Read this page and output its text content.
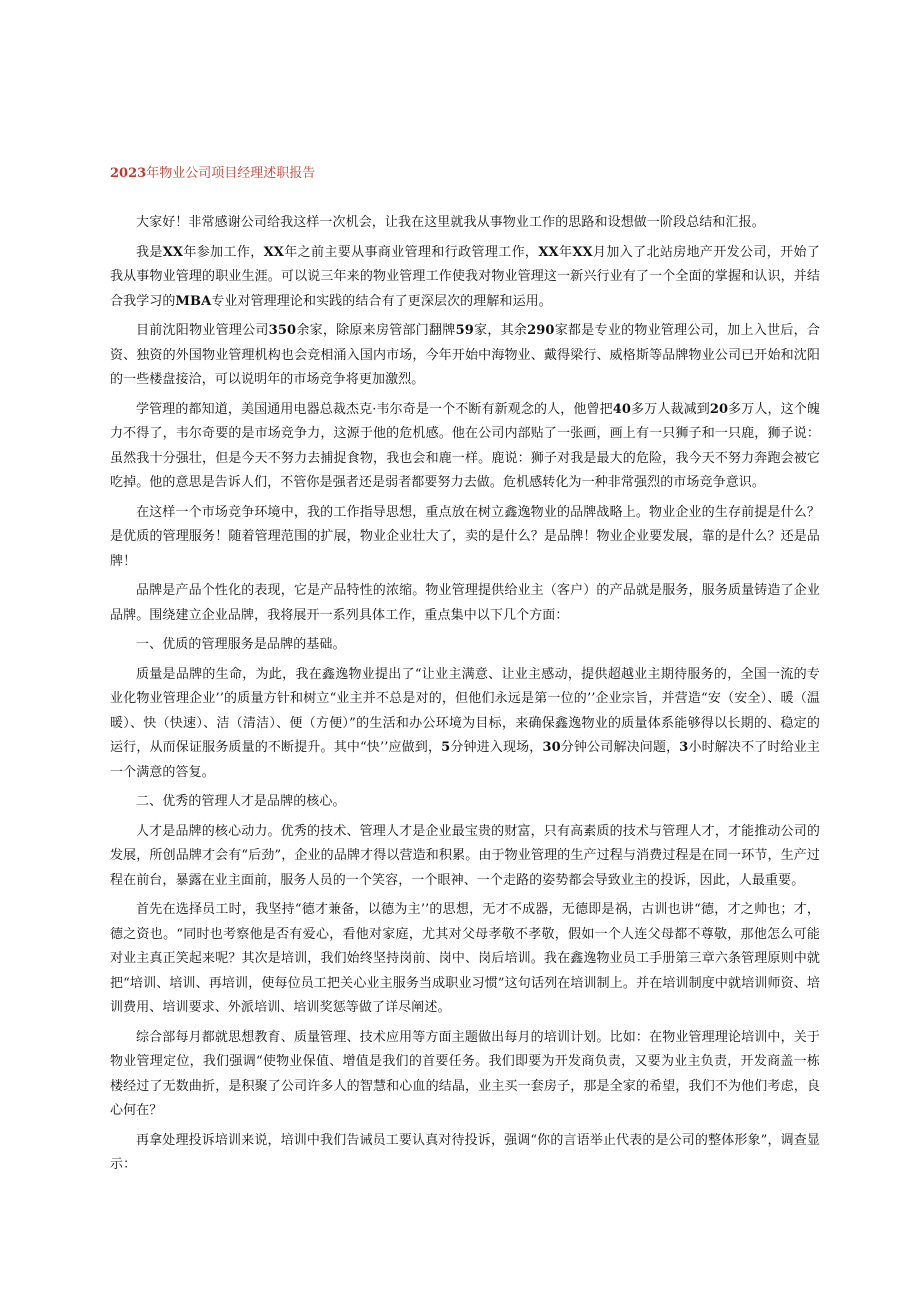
2023年物业公司项目经理述职报告

大家好！非常感谢公司给我这样一次机会，让我在这里就我从事物业工作的思路和设想做一阶段总结和汇报。

我是XX年参加工作，XX年之前主要从事商业管理和行政管理工作，XX年XX月加入了北站房地产开发公司，开始了我从事物业管理的职业生涯。可以说三年来的物业管理工作使我对物业管理这一新兴行业有了一个全面的掌握和认识，并结合我学习的MBA专业对管理理论和实践的结合有了更深层次的理解和运用。

目前沈阳物业管理公司350余家，除原来房管部门翻牌59家，其余290家都是专业的物业管理公司，加上入世后，合资、独资的外国物业管理机构也会竞相涌入国内市场，今年开始中海物业、戴得梁行、威格斯等品牌物业公司已开始和沈阳的一些楼盘接洽，可以说明年的市场竞争将更加激烈。

学管理的都知道，美国通用电器总裁杰克·韦尔奇是一个不断有新观念的人，他曾把40多万人裁减到20多万人，这个魄力不得了，韦尔奇要的是市场竞争力，这源于他的危机感。他在公司内部贴了一张画，画上有一只狮子和一只鹿，狮子说：虽然我十分强壮，但是今天不努力去捕捉食物，我也会和鹿一样。鹿说：狮子对我是最大的危险，我今天不努力奔跑会被它吃掉。他的意思是告诉人们，不管你是强者还是弱者都要努力去做。危机感转化为一种非常强烈的市场竞争意识。

在这样一个市场竞争环境中，我的工作指导思想，重点放在树立鑫逸物业的品牌战略上。物业企业的生存前提是什么？是优质的管理服务！随着管理范围的扩展，物业企业壮大了，卖的是什么？是品牌！物业企业要发展，靠的是什么？还是品牌！

品牌是产品个性化的表现，它是产品特性的浓缩。物业管理提供给业主（客户）的产品就是服务，服务质量铸造了企业品牌。围绕建立企业品牌，我将展开一系列具体工作，重点集中以下几个方面：

一、优质的管理服务是品牌的基础。

质量是品牌的生命，为此，我在鑫逸物业提出了“让业主满意、让业主感动，提供超越业主期待服务的，全国一流的专业化物业管理企业’’的质量方针和树立“业主并不总是对的，但他们永远是第一位的’’企业宗旨，并营造“安（安全）、暖（温暖）、快（快速）、洁（清洁）、便（方便）”的生活和办公环境为目标，来确保鑫逸物业的质量体系能够得以长期的、稳定的运行，从而保证服务质量的不断提升。其中“快’’应做到，5分钟进入现场，30分钟公司解决问题，3小时解决不了时给业主一个满意的答复。

二、优秀的管理人才是品牌的核心。

人才是品牌的核心动力。优秀的技术、管理人才是企业最宝贵的财富，只有高素质的技术与管理人才，才能推动公司的发展，所创品牌才会有“后劲”，企业的品牌才得以营造和积累。由于物业管理的生产过程与消费过程是在同一环节，生产过程在前台，暴露在业主面前，服务人员的一个笑容，一个眼神、一个走路的姿势都会导致业主的投诉，因此，人最重要。

首先在选择员工时，我坚持“德才兼备，以德为主’’的思想，无才不成器，无德即是祸，古训也讲“德，才之帅也；才，德之资也。“同时也考察他是否有爱心，看他对家庭，尤其对父母孝敬不孝敬，假如一个人连父母都不尊敬，那他怎么可能对业主真正笑起来呢？其次是培训，我们始终坚持岗前、岗中、岗后培训。我在鑫逸物业员工手册第三章六条管理原则中就把“培训、培训、再培训，使每位员工把关心业主服务当成职业习惯”这句话列在培训制上。并在培训制度中就培训师资、培训费用、培训要求、外派培训、培训奖惩等做了详尽阐述。

综合部每月都就思想教育、质量管理、技术应用等方面主题做出每月的培训计划。比如：在物业管理理论培训中，关于物业管理定位，我们强调“使物业保值、增值是我们的首要任务。我们即要为开发商负责，又要为业主负责，开发商盖一栋楼经过了无数曲折，是积聚了公司许多人的智慧和心血的结晶，业主买一套房子，那是全家的希望，我们不为他们考虑，良心何在？

再拿处理投诉培训来说，培训中我们告诫员工要认真对待投诉，强调“你的言语举止代表的是公司的整体形象”，调查显示：
